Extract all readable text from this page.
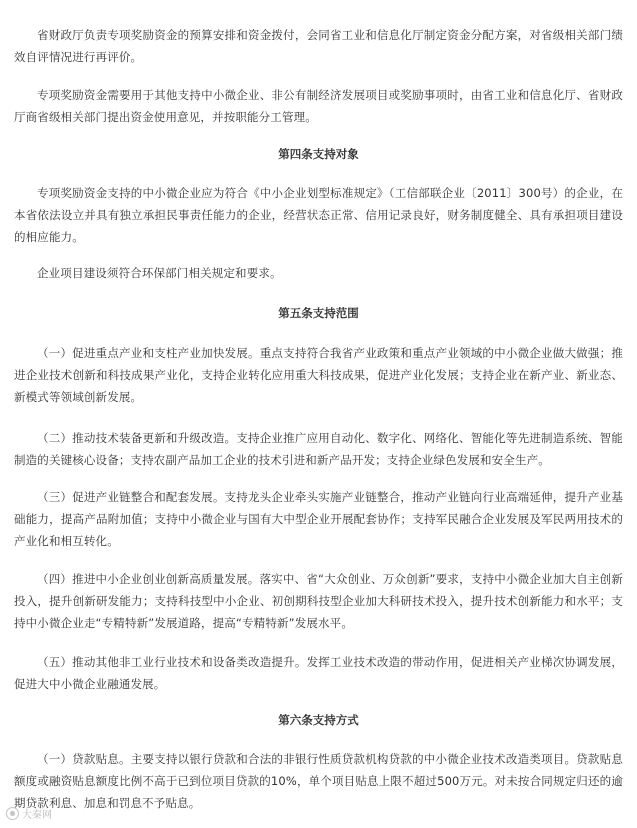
省财政厅负责专项奖励资金的预算安排和资金拨付，会同省工业和信息化厅制定资金分配方案，对省级相关部门绩效自评情况进行再评价。

专项奖励资金需要用于其他支持中小微企业、非公有制经济发展项目或奖励事项时，由省工业和信息化厅、省财政厅商省级相关部门提出资金使用意见，并按职能分工管理。

第四条支持对象

专项奖励资金支持的中小微企业应为符合《中小企业划型标准规定》（工信部联企业〔2011〕300号）的企业，在本省依法设立并具有独立承担民事责任能力的企业，经营状态正常、信用记录良好，财务制度健全、具有承担项目建设的相应能力。

企业项目建设须符合环保部门相关规定和要求。

第五条支持范围

（一）促进重点产业和支柱产业加快发展。重点支持符合我省产业政策和重点产业领域的中小微企业做大做强；推进企业技术创新和科技成果产业化，支持企业转化应用重大科技成果，促进产业化发展；支持企业在新产业、新业态、新模式等领域创新发展。

（二）推动技术装备更新和升级改造。支持企业推广应用自动化、数字化、网络化、智能化等先进制造系统、智能制造的关键核心设备；支持农副产品加工企业的技术引进和新产品开发；支持企业绿色发展和安全生产。

（三）促进产业链整合和配套发展。支持龙头企业牵头实施产业链整合，推动产业链向行业高端延伸，提升产业基础能力，提高产品附加值；支持中小微企业与国有大中型企业开展配套协作；支持军民融合企业发展及军民两用技术的产业化和相互转化。

（四）推进中小企业创业创新高质量发展。落实中、省“大众创业、万众创新”要求，支持中小微企业加大自主创新投入，提升创新研发能力；支持科技型中小企业、初创期科技型企业加大科研技术投入，提升技术创新能力和水平；支持中小微企业走“专精特新”发展道路，提高“专精特新”发展水平。

（五）推动其他非工业行业技术和设备类改造提升。发挥工业技术改造的带动作用，促进相关产业梯次协调发展，促进大中小微企业融通发展。

第六条支持方式

（一）贷款贴息。主要支持以银行贷款和合法的非银行性质贷款机构贷款的中小微企业技术改造类项目。贷款贴息额度或融资贴息额度比例不高于已到位项目贷款的10%，单个项目贴息上限不超过500万元。对未按合同规定归还的逾期贷款利息、加息和罚息不予贴息。

大秦网
